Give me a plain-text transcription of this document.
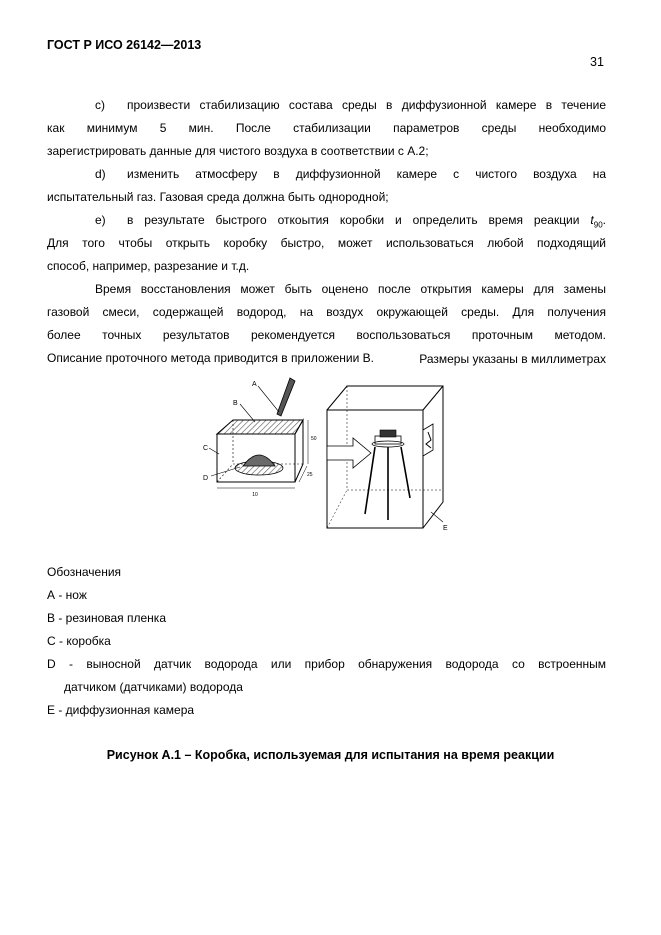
ГОСТ Р ИСО 26142—2013
31
c) произвести стабилизацию состава среды в диффузионной камере в течение
как минимум 5 мин. После стабилизации параметров среды необходимо
зарегистрировать данные для чистого воздуха в соответствии с А.2;
d) изменить атмосферу в диффузионной камере с чистого воздуха на
испытательный газ. Газовая среда должна быть однородной;
e) в результате быстрого откоытия коробки и определить время реакции $t_{90}$.
Для того чтобы открыть коробку быстро, может использоваться любой подходящий
способ, например, разрезание и т.д.
Время восстановления может быть оценено после открытия камеры для замены
газовой смеси, содержащей водород, на воздух окружающей среды. Для получения
более точных результатов рекомендуется воспользоваться проточным методом.
Описание проточного метода приводится в приложении В.	Размеры указаны в миллиметрах
10
50
25
A
B
C
D
E
Обозначения
А - нож
В - резиновая пленка
С - коробка
D - выносной датчик водорода или прибор обнаружения водорода со встроенным
датчиком (датчиками) водорода
Е - диффузионная камера
Рисунок А.1 – Коробка, используемая для испытания на время реакции
